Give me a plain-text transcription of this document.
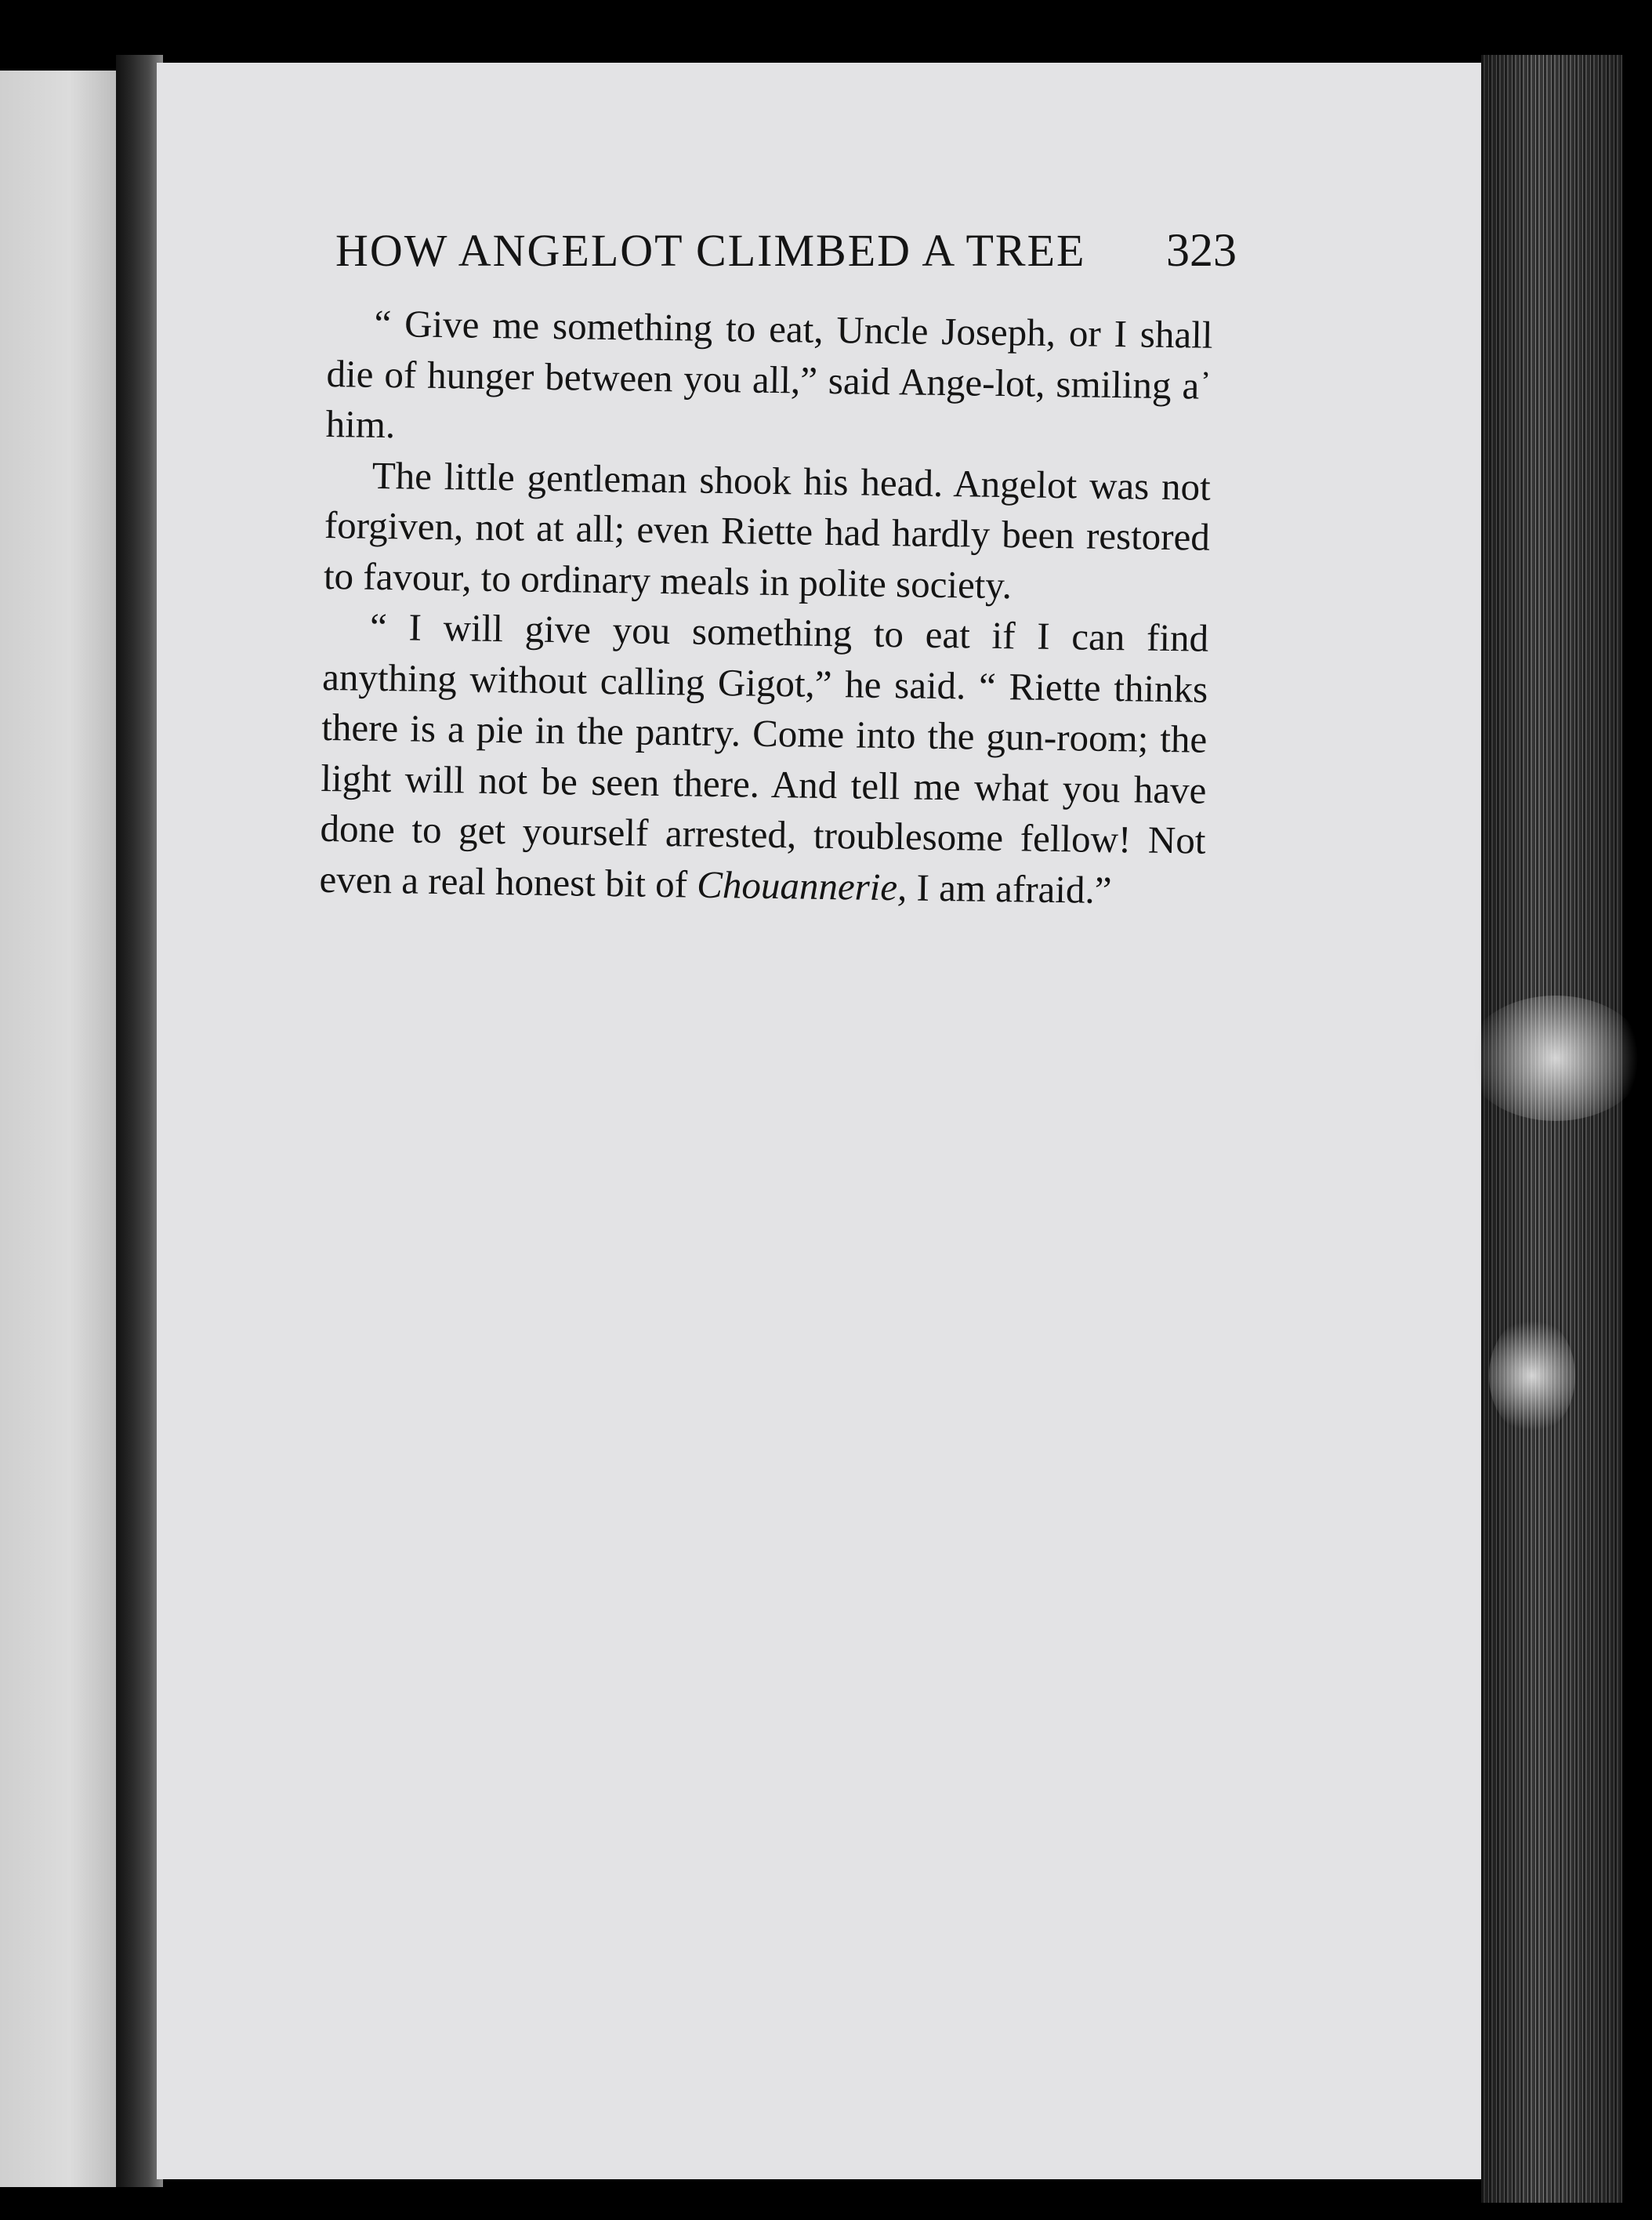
HOW ANGELOT CLIMBED A TREE 323

“ Give me something to eat, Uncle Joseph, or I shall die of hunger between you all,” said Ange-lot, smiling a᾿ him.

The little gentleman shook his head. Angelot was not forgiven, not at all; even Riette had hardly been restored to favour, to ordinary meals in polite society.

“ I will give you something to eat if I can find anything without calling Gigot,” he said. “ Riette thinks there is a pie in the pantry. Come into the gun-room; the light will not be seen there. And tell me what you have done to get yourself arrested, troublesome fellow! Not even a real honest bit of Chouannerie, I am afraid.”
